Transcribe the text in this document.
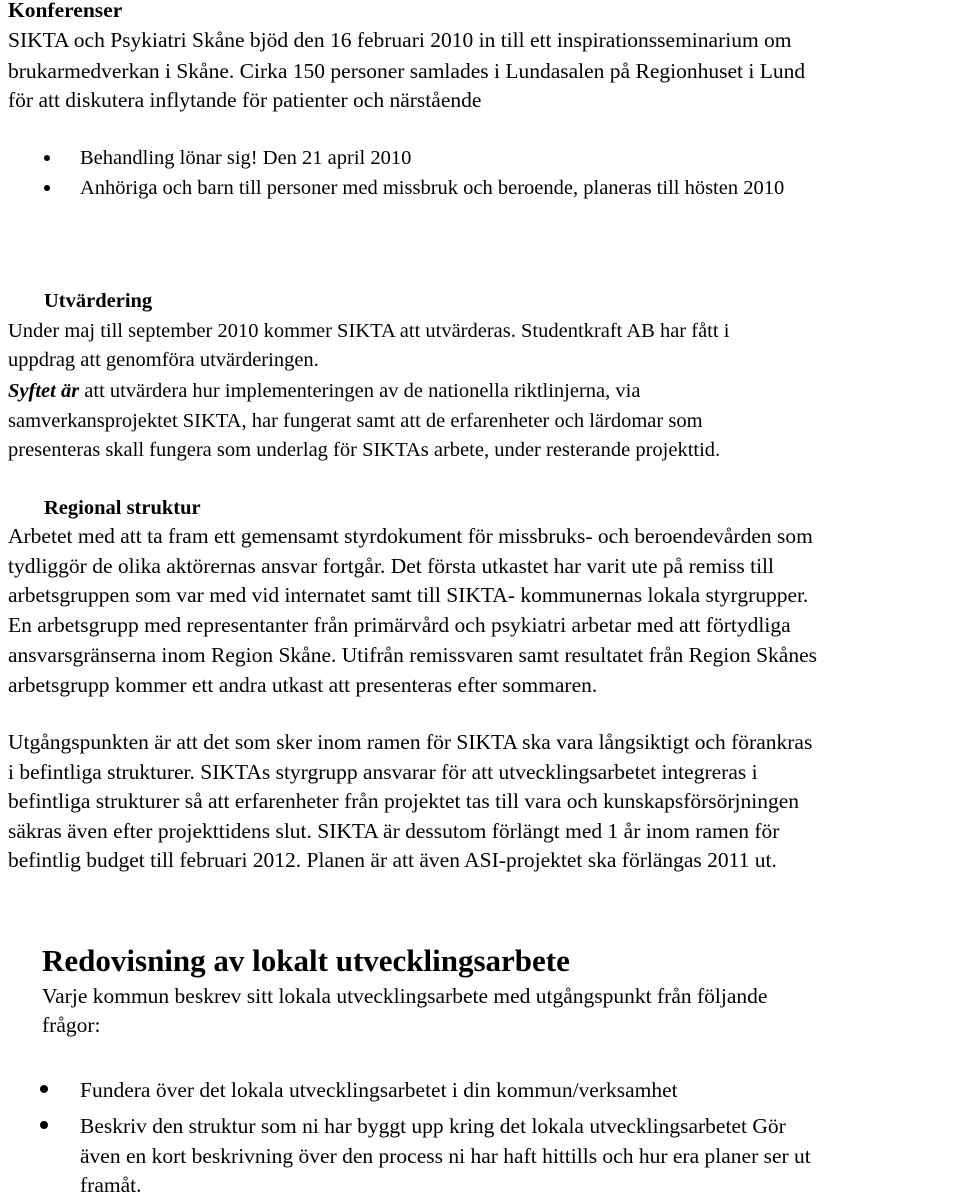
Konferenser
SIKTA och Psykiatri Skåne bjöd den 16 februari 2010 in till ett inspirationsseminarium om
brukarmedverkan i Skåne. Cirka 150 personer samlades i Lundasalen på Regionhuset i Lund
för att diskutera inflytande för patienter och närstående
Behandling lönar sig! Den 21 april 2010
Anhöriga och barn till personer med missbruk och beroende, planeras till hösten 2010
Utvärdering
Under maj till september 2010 kommer SIKTA att utvärderas. Studentkraft AB har fått i
uppdrag att genomföra utvärderingen.
Syftet är att utvärdera hur implementeringen av de nationella riktlinjerna, via
samverkansprojektet SIKTA, har fungerat samt att de erfarenheter och lärdomar som
presenteras skall fungera som underlag för SIKTAs arbete, under resterande projekttid.
Regional struktur
Arbetet med att ta fram ett gemensamt styrdokument för missbruks- och beroendevården som
tydliggör de olika aktörernas ansvar fortgår. Det första utkastet har varit ute på remiss till
arbetsgruppen som var med vid internatet samt till SIKTA- kommunernas lokala styrgrupper.
En arbetsgrupp med representanter från primärvård och psykiatri arbetar med att förtydliga
ansvarsgränserna inom Region Skåne. Utifrån remissvaren samt resultatet från Region Skånes
arbetsgrupp kommer ett andra utkast att presenteras efter sommaren.
Utgångspunkten är att det som sker inom ramen för SIKTA ska vara långsiktigt och förankras
i befintliga strukturer. SIKTAs styrgrupp ansvarar för att utvecklingsarbetet integreras i
befintliga strukturer så att erfarenheter från projektet tas till vara och kunskapsförsörjningen
säkras även efter projekttidens slut. SIKTA är dessutom förlängt med 1 år inom ramen för
befintlig budget till februari 2012. Planen är att även ASI-projektet ska förlängas 2011 ut.
Redovisning av lokalt utvecklingsarbete
Varje kommun beskrev sitt lokala utvecklingsarbete med utgångspunkt från följande
frågor:
Fundera över det lokala utvecklingsarbetet i din kommun/verksamhet
Beskriv den struktur som ni har byggt upp kring det lokala utvecklingsarbetet Gör
även en kort beskrivning över den process ni har haft hittills och hur era planer ser ut
framåt.
